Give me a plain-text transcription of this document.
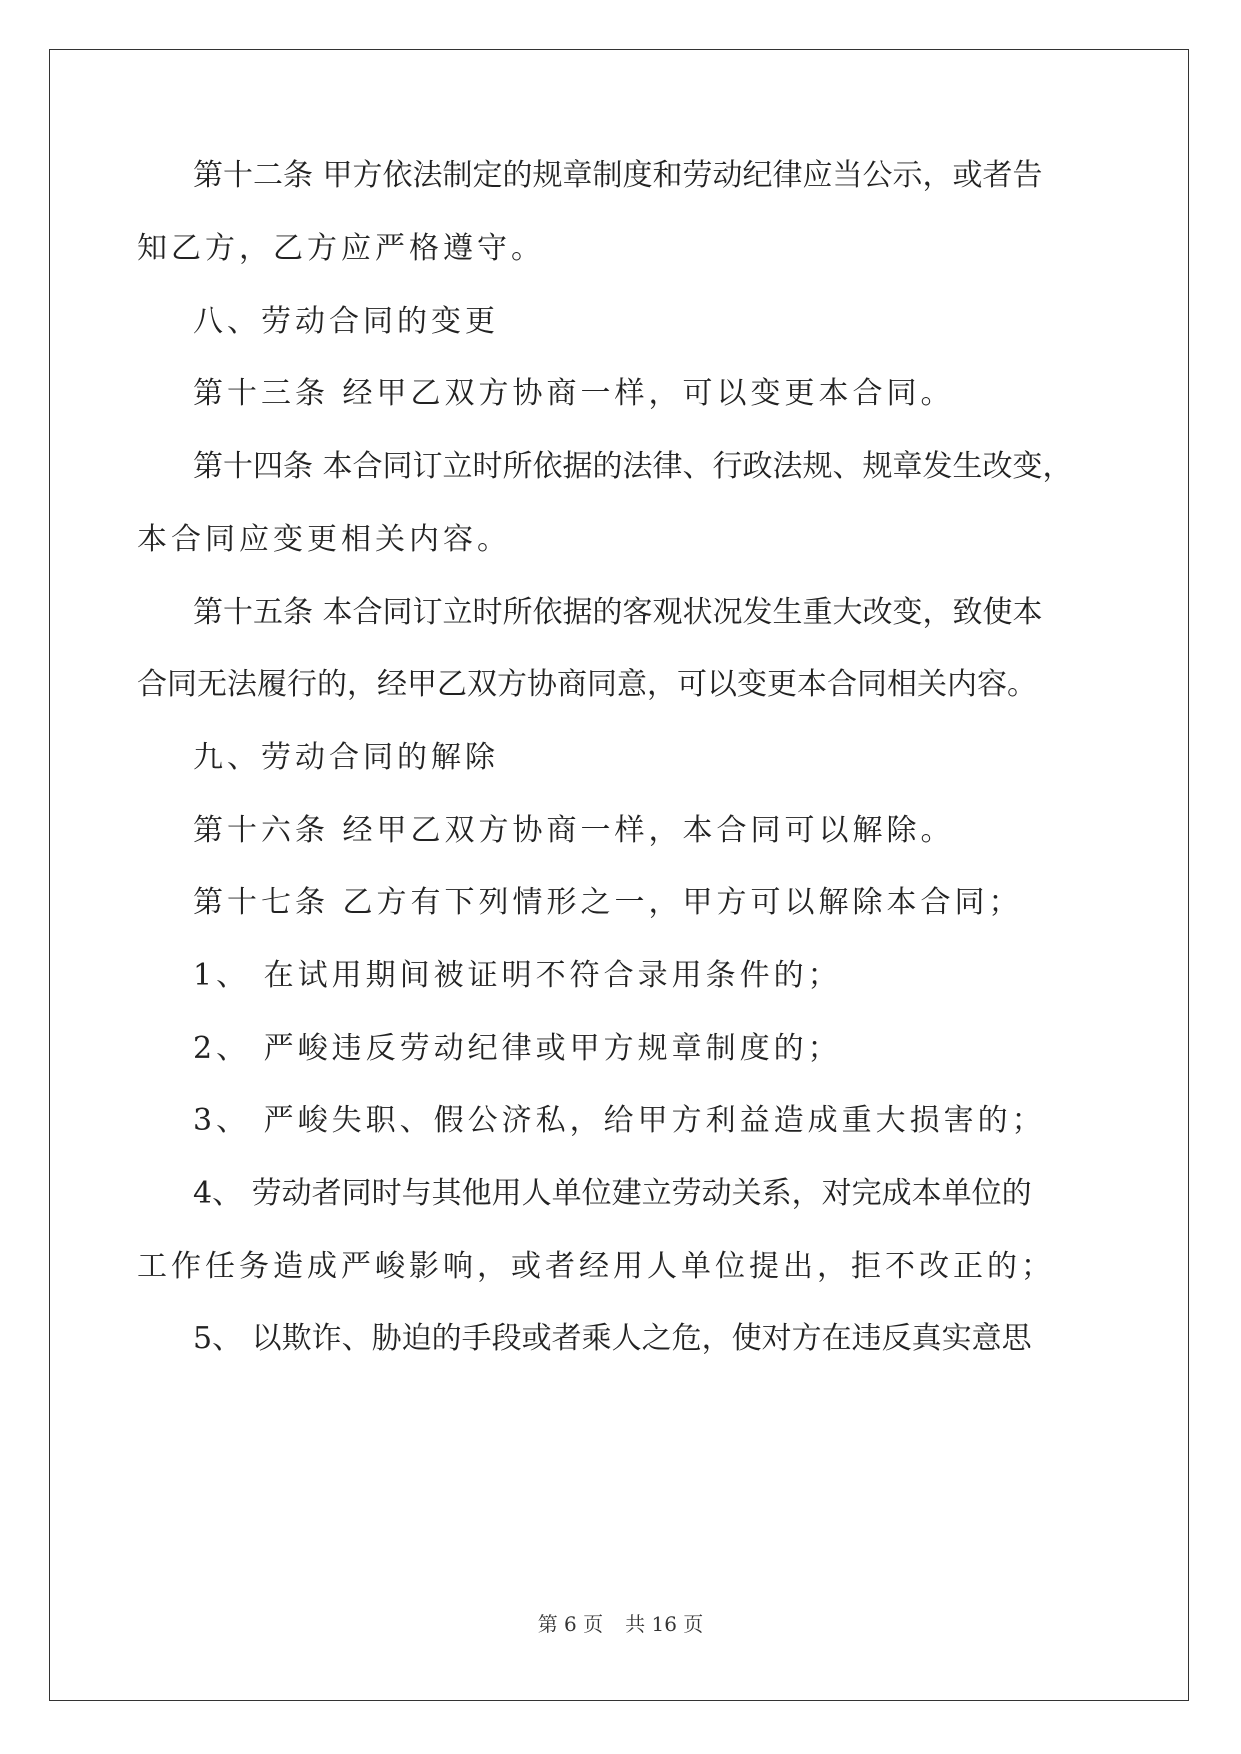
第十二条 甲方依法制定的规章制度和劳动纪律应当公示，或者告
知乙方，乙方应严格遵守。
八、劳动合同的变更
第十三条 经甲乙双方协商一样，可以变更本合同。
第十四条 本合同订立时所依据的法律、行政法规、规章发生改变，
本合同应变更相关内容。
第十五条 本合同订立时所依据的客观状况发生重大改变，致使本
合同无法履行的，经甲乙双方协商同意，可以变更本合同相关内容。
九、劳动合同的解除
第十六条 经甲乙双方协商一样，本合同可以解除。
第十七条 乙方有下列情形之一，甲方可以解除本合同；
1、 在试用期间被证明不符合录用条件的；
2、 严峻违反劳动纪律或甲方规章制度的；
3、 严峻失职、假公济私，给甲方利益造成重大损害的；
4、 劳动者同时与其他用人单位建立劳动关系，对完成本单位的
工作任务造成严峻影响，或者经用人单位提出，拒不改正的；
5、 以欺诈、胁迫的手段或者乘人之危，使对方在违反真实意思
第 6 页 共 16 页
